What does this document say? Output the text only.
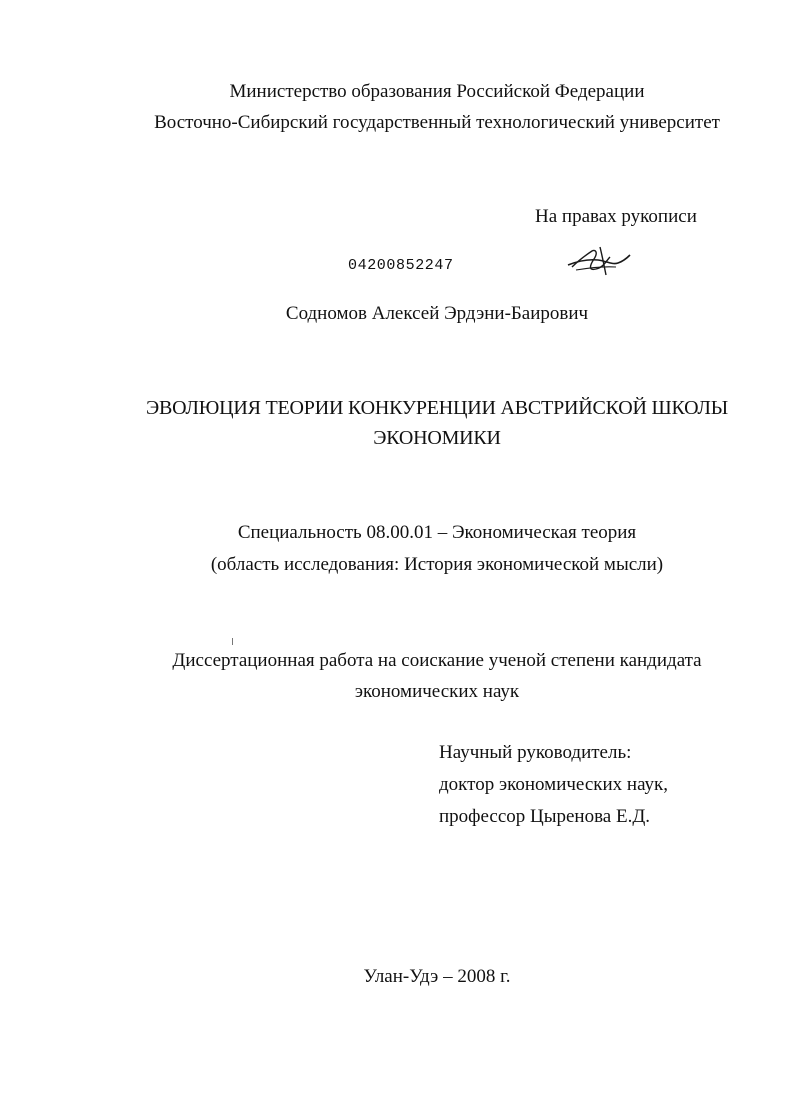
Министерство образования Российской Федерации
Восточно-Сибирский государственный технологический университет
На правах рукописи
04200852247
Содномов Алексей Эрдэни-Баирович
ЭВОЛЮЦИЯ ТЕОРИИ КОНКУРЕНЦИИ АВСТРИЙСКОЙ ШКОЛЫ
ЭКОНОМИКИ
Специальность 08.00.01 – Экономическая теория
(область исследования: История экономической мысли)
Диссертационная работа на соискание ученой степени кандидата
экономических наук
Научный руководитель:
доктор экономических наук,
профессор Цыренова Е.Д.
Улан-Удэ – 2008 г.
